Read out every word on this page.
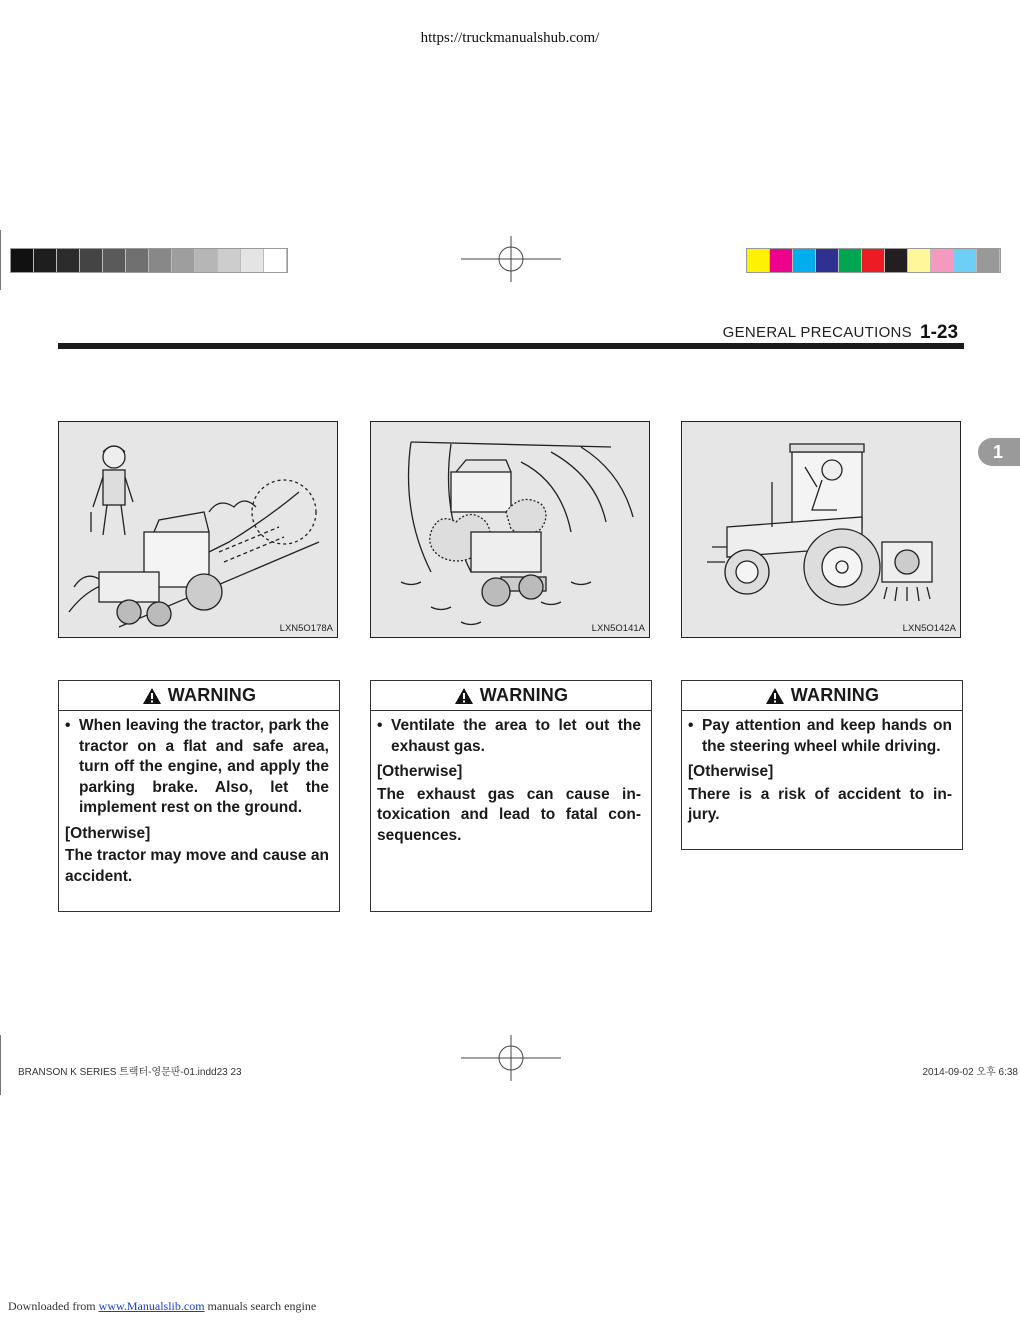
https://truckmanualshub.com/
GENERAL PRECAUTIONS 1-23
1
LXN5O178A	LXN5O141A	LXN5O142A
WARNING
• When leaving the tractor, park the tractor on a flat and safe area, turn off the engine, and apply the parking brake. Also, let the implement rest on the ground.
[Otherwise]
The tractor may move and cause an accident.
WARNING
• Ventilate the area to let out the exhaust gas.
[Otherwise]
The exhaust gas can cause in-toxication and lead to fatal con-sequences.
WARNING
• Pay attention and keep hands on the steering wheel while driving.
[Otherwise]
There is a risk of accident to in-jury.
BRANSON K SERIES 트랙터-영문판-01.indd23 23	2014-09-02 오후 6:38
Downloaded from www.Manualslib.com manuals search engine
